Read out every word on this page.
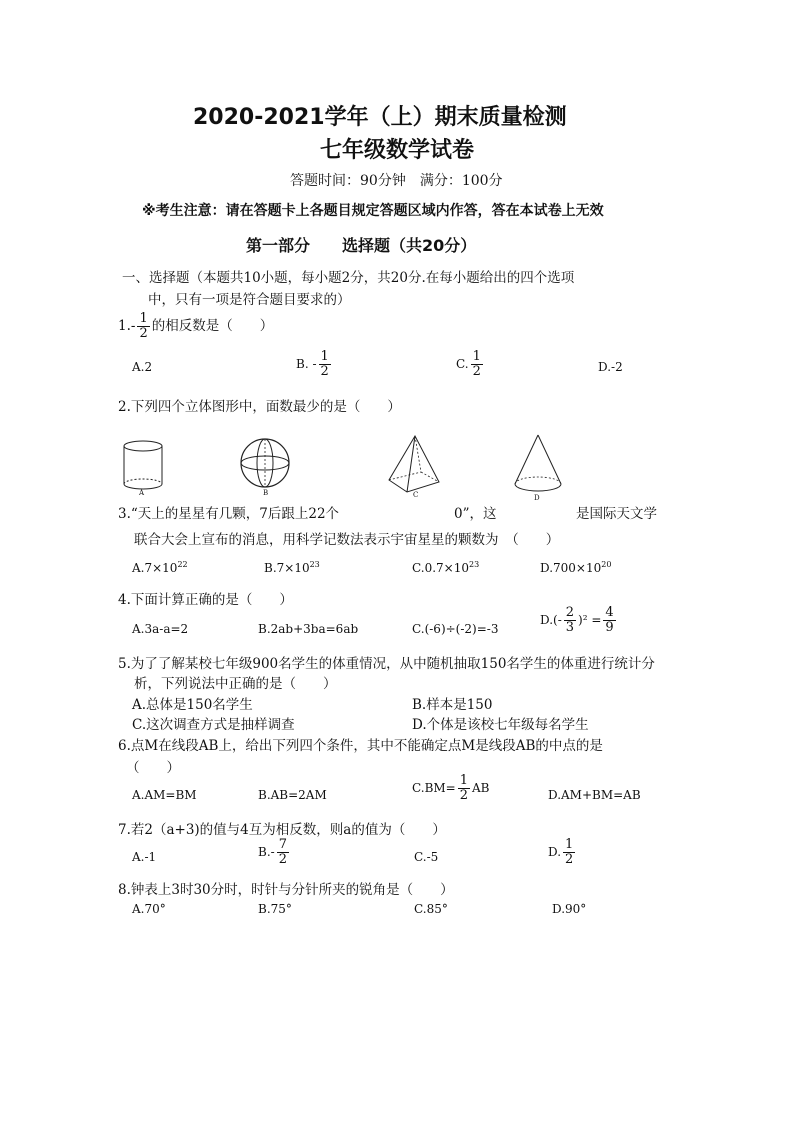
2020-2021学年（上）期末质量检测
七年级数学试卷
答题时间：90分钟　满分：100分
※考生注意：请在答题卡上各题目规定答题区域内作答，答在本试卷上无效
第一部分　　选择题（共20分）
一、选择题（本题共10小题，每小题2分，共20分.在每小题给出的四个选项
中，只有一项是符合题目要求的）
$1.- \frac{1}{2}$ 的相反数是（　　）
A.2	B. - $\frac{1}{2}$	C. $\frac{1}{2}$	D.-2
2.下列四个立体图形中，面数最少的是（　　）
A	B	C	D
3.“天上的星星有几颗，7后跟上22个	0”，这	是国际天文学
联合大会上宣布的消息，用科学记数法表示宇宙星星的颗数为　（　　）
$A.7\times 10^{22}$	$B.7\times 10^{23}$	$C.0.7\times 10^{23}$	$D.700\times 10^{20}$
4.下面计算正确的是（　　）
A.3a-a=2	B.2ab+3ba=6ab	C.(-6)÷(-2)=-3
$D.(- \frac{2}{3} )^2 = \frac{4}{9}$
5.为了了解某校七年级900名学生的体重情况，从中随机抽取150名学生的体重进行统计分
析，下列说法中正确的是（　　）
A.总体是150名学生	B.样本是150
C.这次调查方式是抽样调查	D.个体是该校七年级每名学生
6.点M在线段AB上，给出下列四个条件，其中不能确定点M是线段AB的中点的是
（　　）
A.AM=BM	B.AB=2AM	$C.BM= \frac{1}{2}$ AB	D.AM+BM=AB
7.若2（a+3)的值与4互为相反数，则a的值为（　　）
A.-1	$B.- \frac{7}{2}$	C.-5	D. $\frac{1}{2}$
8.钟表上3时30分时，时针与分针所夹的锐角是（　　）
A.70°	B.75°	C.85°	D.90°
